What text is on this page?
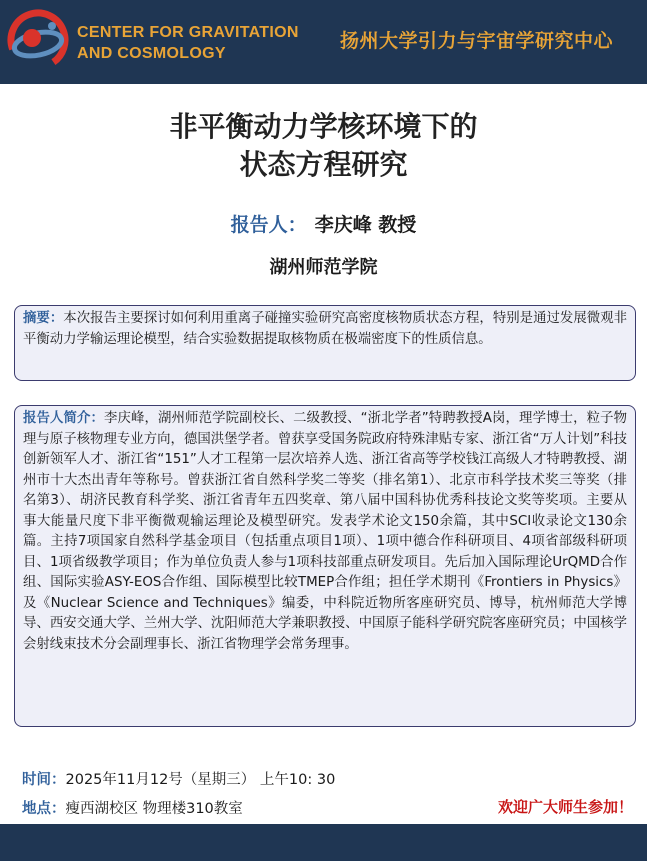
CENTER FOR GRAVITATION
AND COSMOLOGY
扬州大学引力与宇宙学研究中心
非平衡动力学核环境下的
状态方程研究
报告人： 李庆峰 教授
湖州师范学院
摘要：本次报告主要探讨如何利用重离子碰撞实验研究高密度核物质状态方程，特别是通过发展微观非平衡动力学输运理论模型，结合实验数据提取核物质在极端密度下的性质信息。
报告人简介：李庆峰，湖州师范学院副校长、二级教授、“浙北学者”特聘教授A岗，理学博士，粒子物理与原子核物理专业方向，德国洪堡学者。曾获享受国务院政府特殊津贴专家、浙江省“万人计划”科技创新领军人才、浙江省“151”人才工程第一层次培养人选、浙江省高等学校钱江高级人才特聘教授、湖州市十大杰出青年等称号。曾获浙江省自然科学奖二等奖（排名第1）、北京市科学技术奖三等奖（排名第3）、胡济民教育科学奖、浙江省青年五四奖章、第八届中国科协优秀科技论文奖等奖项。主要从事大能量尺度下非平衡微观输运理论及模型研究。发表学术论文150余篇，其中SCI收录论文130余篇。主持7项国家自然科学基金项目（包括重点项目1项）、1项中德合作科研项目、4项省部级科研项目、1项省级教学项目；作为单位负责人参与1项科技部重点研发项目。先后加入国际理论UrQMD合作组、国际实验ASY-EOS合作组、国际模型比较TMEP合作组；担任学术期刊《Frontiers in Physics》及《Nuclear Science and Techniques》编委，中科院近物所客座研究员、博导，杭州师范大学博导、西安交通大学、兰州大学、沈阳师范大学兼职教授、中国原子能科学研究院客座研究员；中国核学会射线束技术分会副理事长、浙江省物理学会常务理事。
时间：2025年11月12号（星期三） 上午10: 30
地点：瘦西湖校区 物理楼310教室	欢迎广大师生参加！
